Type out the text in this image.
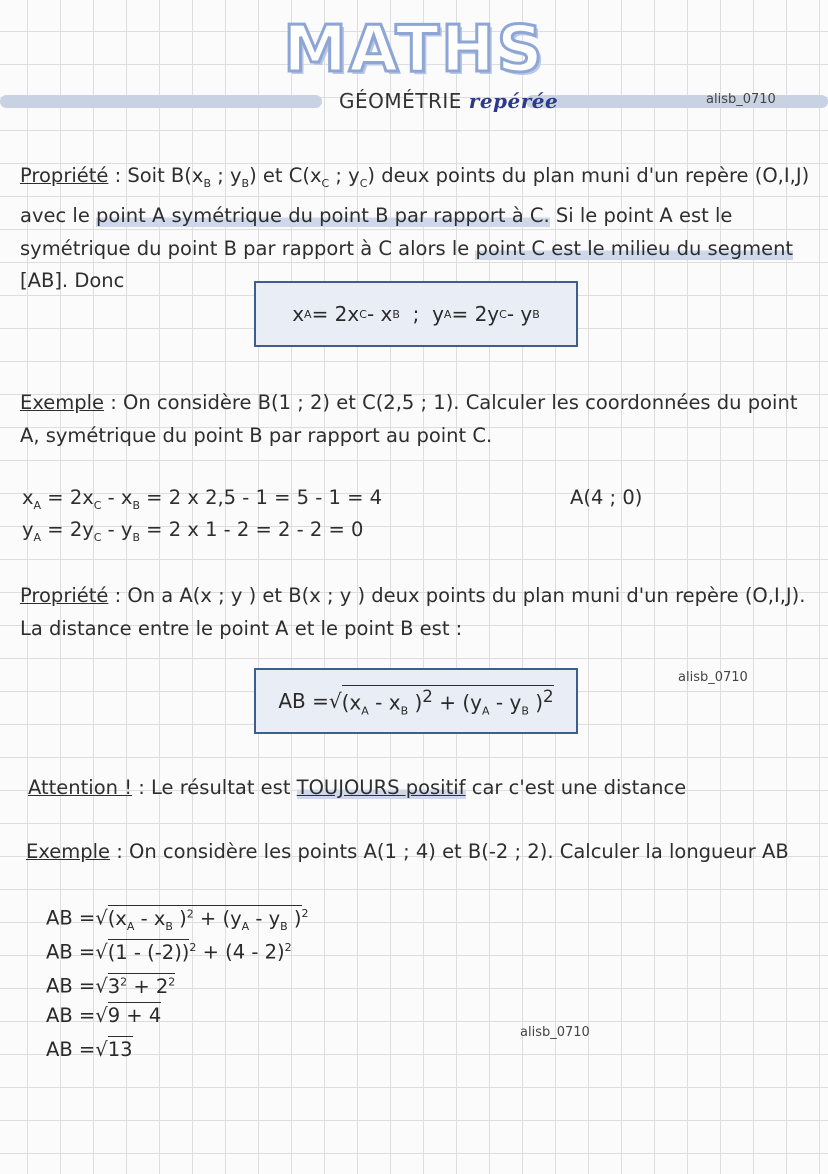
MATHS
GÉOMÉTRIE repérée	alisb_0710
Propriété : Soit $B(x_B$ ; $y_B$) et $C(x_C$ ; $y_C$) deux points du plan muni d'un repère (O,I,J) avec le point A symétrique du point B par rapport à C. Si le point A est le symétrique du point B par rapport à C alors le point C est le milieu du segment [AB]. Donc
x A = 2x C - x B ; y A = 2y C - y B
Exemple : On considère B(1 ; 2) et C(2,5 ; 1). Calculer les coordonnées du point A, symétrique du point B par rapport au point C.
$x_A = 2x_C - x_B = 2$ x 2,5 - 1 = 5 - 1 = 4
$y_A = 2y_C - y_B = 2$ x 1 - 2 = 2 - 2 = 0
A(4 ; 0)
Propriété : On a A(x ; y ) et B(x ; y ) deux points du plan muni d'un repère (O,I,J). La distance entre le point A et le point B est :
AB = √ ($x_A - x_B$ )$^2 + (y_A - y_B$ )$^2$
alisb_0710
Attention ! : Le résultat est TOUJOURS positif car c'est une distance
Exemple : On considère les points A(1 ; 4) et B(-2 ; 2). Calculer la longueur AB
AB $=√(x_A - x_B$ )$^2 + (y_A - y_B$ )$^2$
AB =√(1 - (-2))$^2$ + (4 - 2)$^2$
AB $=√3^2 + 2^2$
AB =√9 + 4
AB =√13
alisb_0710
